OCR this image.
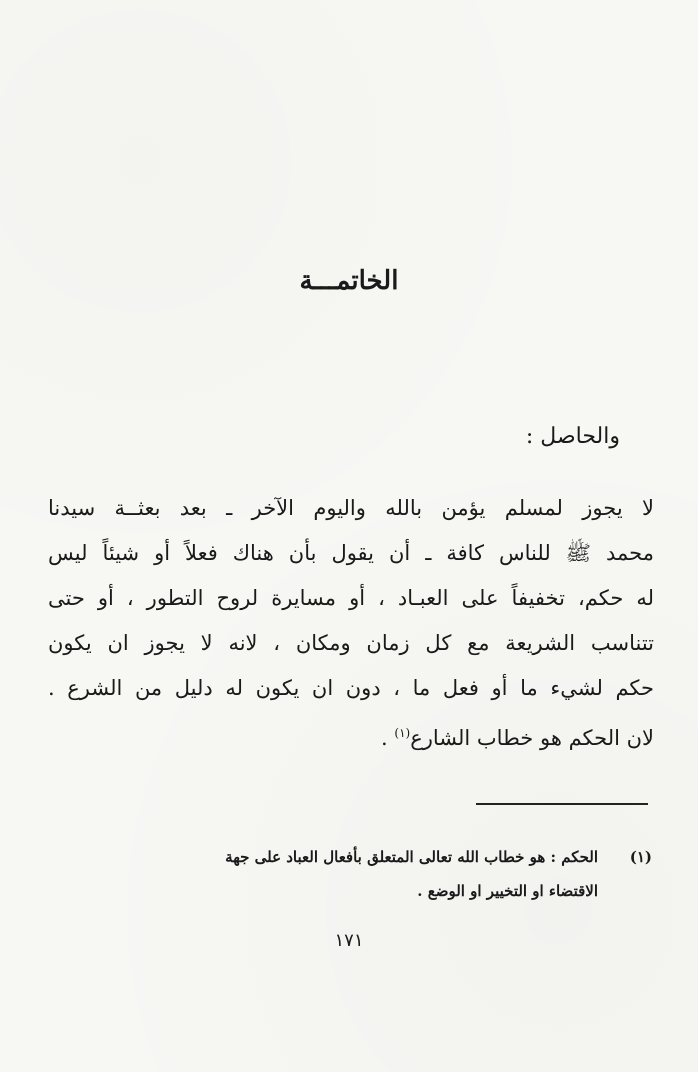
الخاتمـــة
والحاصل :
لا يجوز لمسلم يؤمن بالله واليوم الآخر ـ بعد بعثــة سيدنا
محمد ﷺ للناس كافة ـ أن يقول بأن هناك فعلاً أو شيئاً ليس
له حكم، تخفيفاً على العبـاد ، أو مسايرة لروح التطور ، أو حتى
تتناسب الشريعة مع كل زمان ومكان ، لانه لا يجوز ان يكون
حكم لشيء ما أو فعل ما ، دون ان يكون له دليل من الشرع .
لان الحكم هو خطاب الشارع$^{(١)}$ .
(١)الحكم : هو خطاب الله تعالى المتعلق بأفعال العباد على جهة
الاقتضاء او التخيير او الوضع .
١٧١
